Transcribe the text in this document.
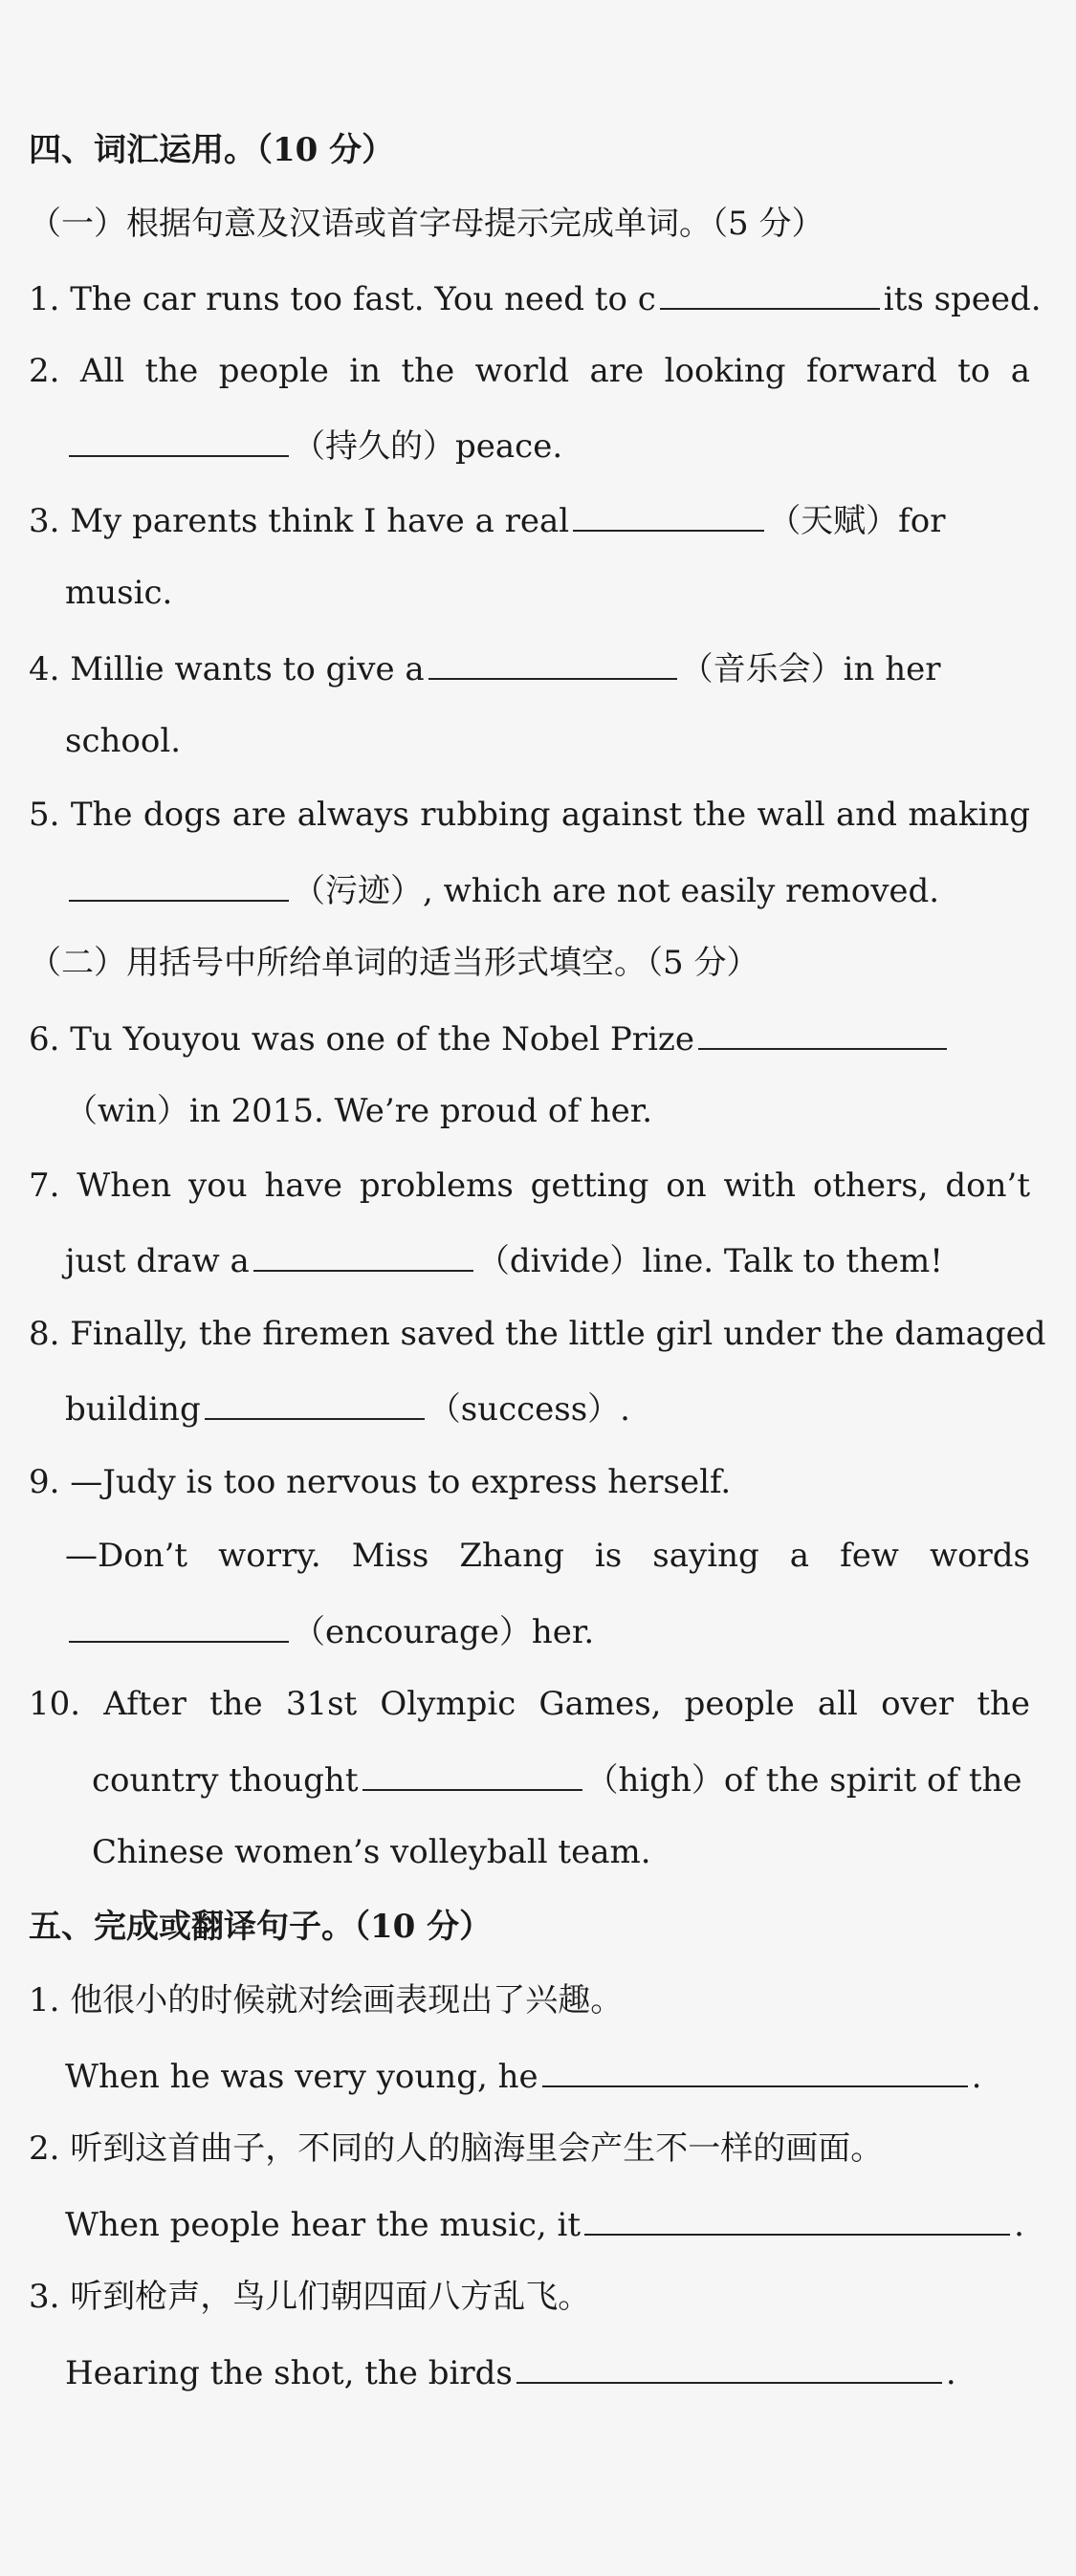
四、词汇运用。（10 分）
（一）根据句意及汉语或首字母提示完成单词。（5 分）
1. The car runs too fast. You need to c	its speed.
2. All the people in the world are looking forward to a
（持久的）peace.
3. My parents think I have a real	（天赋）for
music.
4. Millie wants to give a	（音乐会）in her
school.
5. The dogs are always rubbing against the wall and making
（污迹）, which are not easily removed.
（二）用括号中所给单词的适当形式填空。（5 分）
6. Tu Youyou was one of the Nobel Prize
（win）in 2015. We’re proud of her.
7. When you have problems getting on with others, don’t
just draw a	（divide）line. Talk to them!
8. Finally, the firemen saved the little girl under the damaged
building	（success）.
9. —Judy is too nervous to express herself.
—Don’t worry. Miss Zhang is saying a few words
（encourage）her.
10. After the 31st Olympic Games, people all over the
country thought	（high）of the spirit of the
Chinese women’s volleyball team.
五、完成或翻译句子。（10 分）
1. 他很小的时候就对绘画表现出了兴趣。
When he was very young, he	.
2. 听到这首曲子，不同的人的脑海里会产生不一样的画面。
When people hear the music, it	.
3. 听到枪声，鸟儿们朝四面八方乱飞。
Hearing the shot, the birds	.
